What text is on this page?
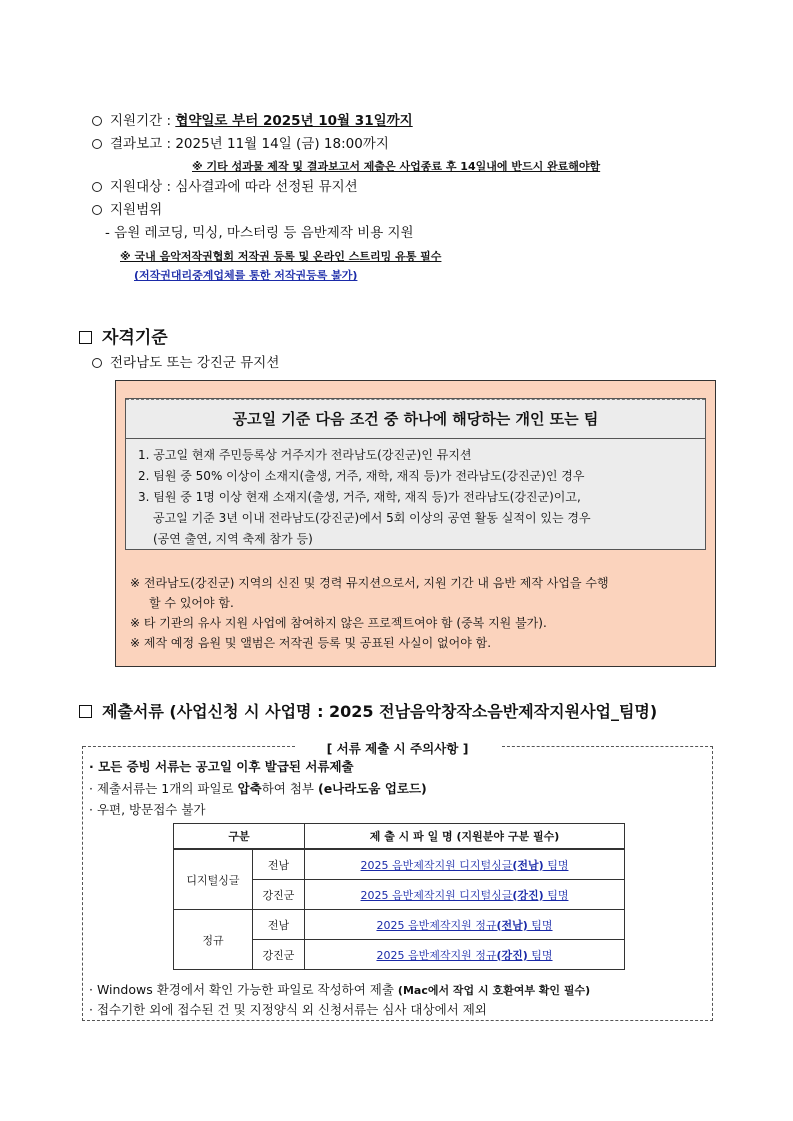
지원기간 : 협약일로 부터 2025년 10월 31일까지
결과보고 : 2025년 11월 14일 (금) 18:00까지
※ 기타 성과물 제작 및 결과보고서 제출은 사업종료 후 14일내에 반드시 완료해야함
지원대상 : 심사결과에 따라 선정된 뮤지션
지원범위
- 음원 레코딩, 믹싱, 마스터링 등 음반제작 비용 지원
※ 국내 음악저작권협회 저작권 등록 및 온라인 스트리밍 유통 필수
(저작권대리중계업체를 통한 저작권등록 불가)
자격기준
전라남도 또는 강진군 뮤지션
공고일 기준 다음 조건 중 하나에 해당하는 개인 또는 팀
1. 공고일 현재 주민등록상 거주지가 전라남도(강진군)인 뮤지션
2. 팀원 중 50% 이상이 소재지(출생, 거주, 재학, 재직 등)가 전라남도(강진군)인 경우
3. 팀원 중 1명 이상 현재 소재지(출생, 거주, 재학, 재직 등)가 전라남도(강진군)이고,
공고일 기준 3년 이내 전라남도(강진군)에서 5회 이상의 공연 활동 실적이 있는 경우
(공연 출연, 지역 축제 참가 등)
※ 전라남도(강진군) 지역의 신진 및 경력 뮤지션으로서, 지원 기간 내 음반 제작 사업을 수행
할 수 있어야 함.
※ 타 기관의 유사 지원 사업에 참여하지 않은 프로젝트여야 함 (중복 지원 불가).
※ 제작 예정 음원 및 앨범은 저작권 등록 및 공표된 사실이 없어야 함.
제출서류 (사업신청 시 사업명 : 2025 전남음악창작소음반제작지원사업_팀명)
[ 서류 제출 시 주의사항 ]
· 모든 증빙 서류는 공고일 이후 발급된 서류제출
· 제출서류는 1개의 파일로 압축하여 첨부 (e나라도움 업로드)
· 우편, 방문접수 불가
구분		제 출 시 파 일 명 (지원분야 구분 필수)
디지털싱글	전남	2025 음반제작지원 디지털싱글(전남) 팀명
	강진군	2025 음반제작지원 디지털싱글(강진) 팀명
정규	전남	2025 음반제작지원 정규(전남) 팀명
	강진군	2025 음반제작지원 정규(강진) 팀명
· Windows 환경에서 확인 가능한 파일로 작성하여 제출 (Mac에서 작업 시 호환여부 확인 필수)
· 접수기한 외에 접수된 건 및 지정양식 외 신청서류는 심사 대상에서 제외
